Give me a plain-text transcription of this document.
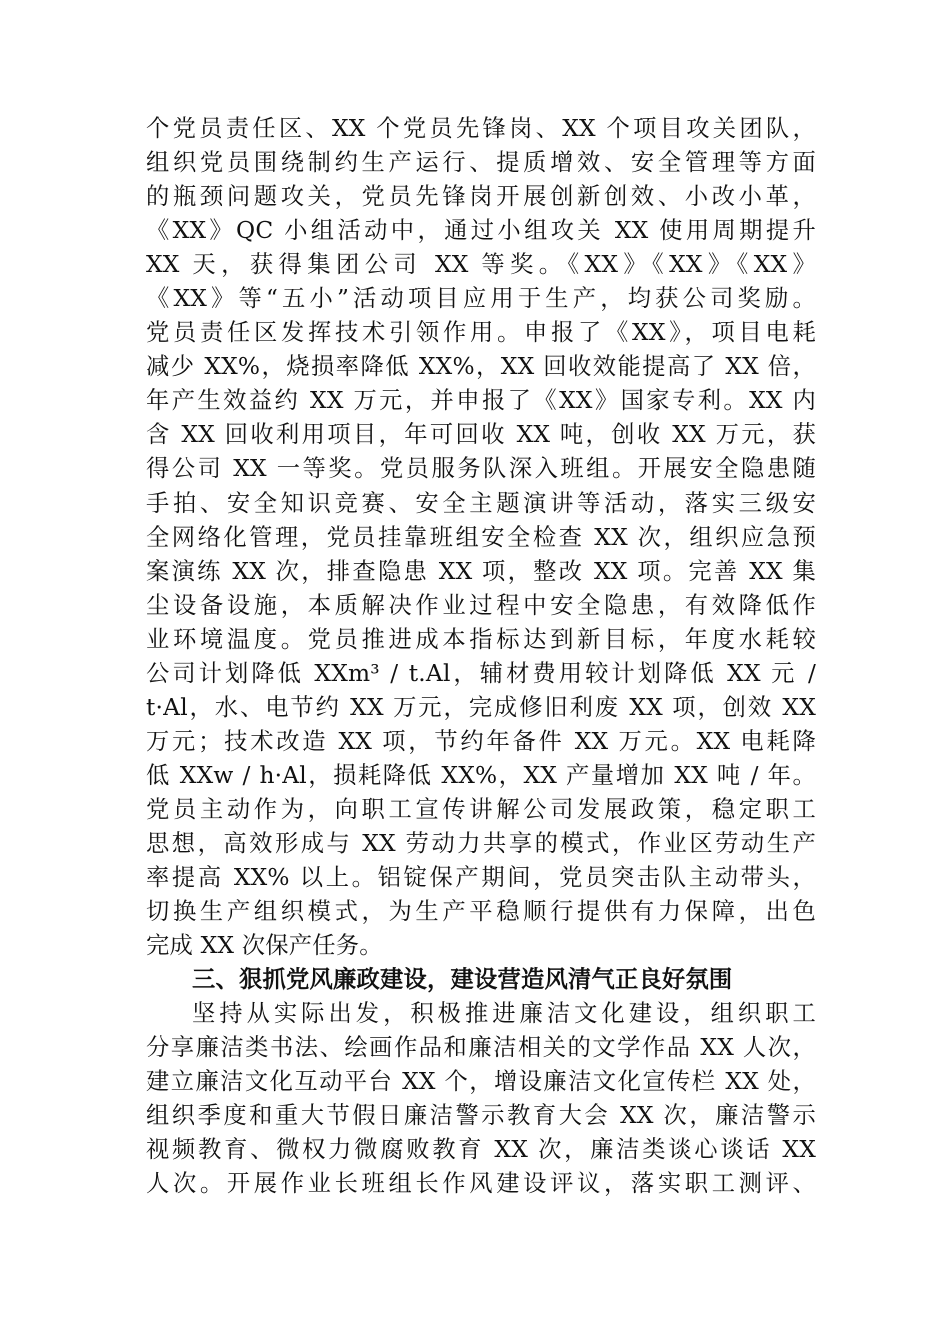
个党员责任区、XX 个党员先锋岗、XX 个项目攻关团队，
组织党员围绕制约生产运行、提质增效、安全管理等方面
的瓶颈问题攻关，党员先锋岗开展创新创效、小改小革，
《XX》QC 小组活动中，通过小组攻关 XX 使用周期提升
XX 天，获得集团公司 XX 等奖。《XX》《XX》《XX》
《XX》等“五小”活动项目应用于生产，均获公司奖励。
党员责任区发挥技术引领作用。申报了《XX》，项目电耗
减少 XX%，烧损率降低 XX%，XX 回收效能提高了 XX 倍，
年产生效益约 XX 万元，并申报了《XX》国家专利。XX 内
含 XX 回收利用项目，年可回收 XX 吨，创收 XX 万元，获
得公司 XX 一等奖。党员服务队深入班组。开展安全隐患随
手拍、安全知识竞赛、安全主题演讲等活动，落实三级安
全网络化管理，党员挂靠班组安全检查 XX 次，组织应急预
案演练 XX 次，排查隐患 XX 项，整改 XX 项。完善 XX 集
尘设备设施，本质解决作业过程中安全隐患，有效降低作
业环境温度。党员推进成本指标达到新目标，年度水耗较
公司计划降低 XXm³ / t.Al，辅材费用较计划降低 XX 元 /
t·Al，水、电节约 XX 万元，完成修旧利废 XX 项，创效 XX
万元；技术改造 XX 项，节约年备件 XX 万元。XX 电耗降
低 XXw / h·Al，损耗降低 XX%，XX 产量增加 XX 吨 / 年。
党员主动作为，向职工宣传讲解公司发展政策，稳定职工
思想，高效形成与 XX 劳动力共享的模式，作业区劳动生产
率提高 XX% 以上。铝锭保产期间，党员突击队主动带头，
切换生产组织模式，为生产平稳顺行提供有力保障，出色
完成 XX 次保产任务。
三、狠抓党风廉政建设，建设营造风清气正良好氛围
坚持从实际出发，积极推进廉洁文化建设，组织职工
分享廉洁类书法、绘画作品和廉洁相关的文学作品 XX 人次，
建立廉洁文化互动平台 XX 个，增设廉洁文化宣传栏 XX 处，
组织季度和重大节假日廉洁警示教育大会 XX 次，廉洁警示
视频教育、微权力微腐败教育 XX 次，廉洁类谈心谈话 XX
人次。开展作业长班组长作风建设评议，落实职工测评、
